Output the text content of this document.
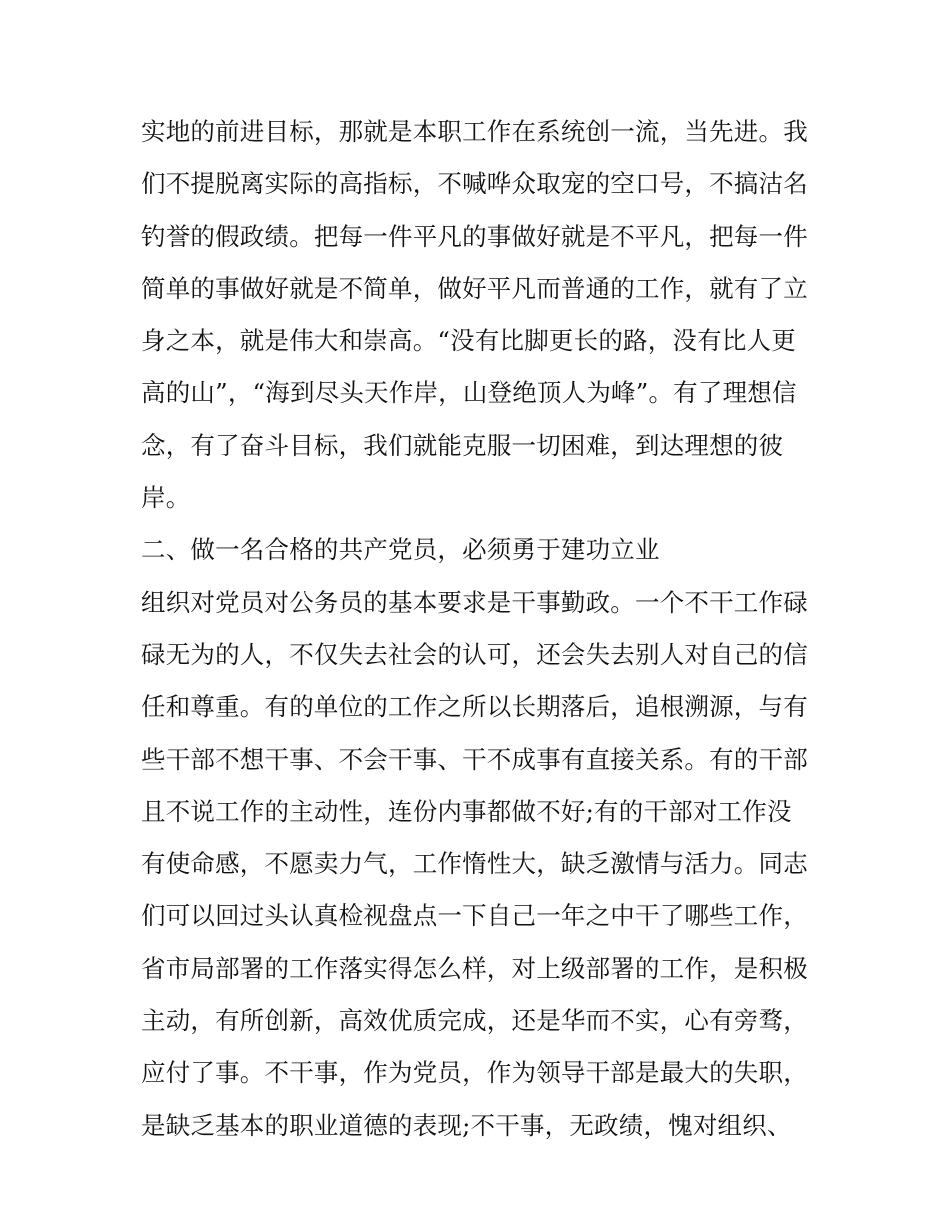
实地的前进目标，那就是本职工作在系统创一流，当先进。我
们不提脱离实际的高指标，不喊哗众取宠的空口号，不搞沽名
钓誉的假政绩。把每一件平凡的事做好就是不平凡，把每一件
简单的事做好就是不简单，做好平凡而普通的工作，就有了立
身之本，就是伟大和崇高。“没有比脚更长的路，没有比人更
高的山”，“海到尽头天作岸，山登绝顶人为峰”。有了理想信
念，有了奋斗目标，我们就能克服一切困难，到达理想的彼
岸。
二、做一名合格的共产党员，必须勇于建功立业
组织对党员对公务员的基本要求是干事勤政。一个不干工作碌
碌无为的人，不仅失去社会的认可，还会失去别人对自己的信
任和尊重。有的单位的工作之所以长期落后，追根溯源，与有
些干部不想干事、不会干事、干不成事有直接关系。有的干部
且不说工作的主动性，连份内事都做不好;有的干部对工作没
有使命感，不愿卖力气，工作惰性大，缺乏激情与活力。同志
们可以回过头认真检视盘点一下自己一年之中干了哪些工作，
省市局部署的工作落实得怎么样，对上级部署的工作，是积极
主动，有所创新，高效优质完成，还是华而不实，心有旁骛，
应付了事。不干事，作为党员，作为领导干部是最大的失职，
是缺乏基本的职业道德的表现;不干事，无政绩，愧对组织、
